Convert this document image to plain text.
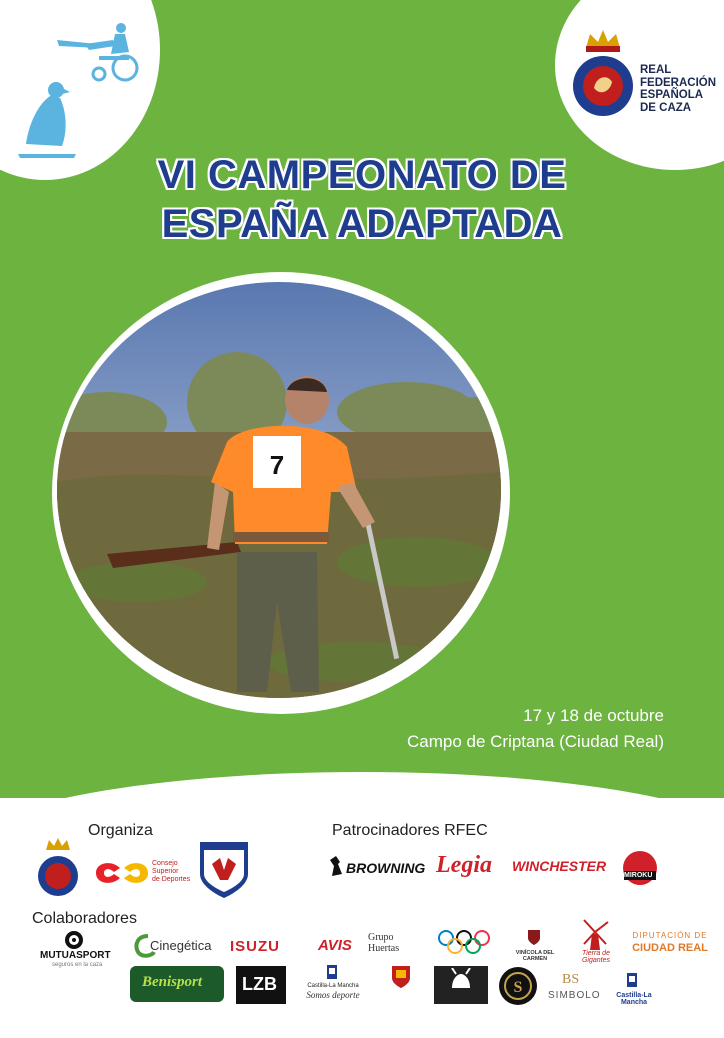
REAL
FEDERACIÓN
ESPAÑOLA
DE CAZA
VI CAMPEONATO DE
ESPAÑA ADAPTADA
7
17 y 18 de octubre
Campo de Criptana (Ciudad Real)
Organiza	Patrocinadores RFEC
Consejo
Superior
de Deportes
BROWNING Legia WINCHESTER
MIROKU
Colaboradores
MUTUASPORT
seguros en la caza
Cinegética ISUZU	AVIS Grupo Huertas	VINÍCOLA DEL CARMEN
Tierra de Gigantes
DIPUTACIÓN DE
CIUDAD REAL
Benisport LZB	Castilla-La Mancha
Somos deporte	S	BS
SIMBOLO	Castilla-La Mancha
